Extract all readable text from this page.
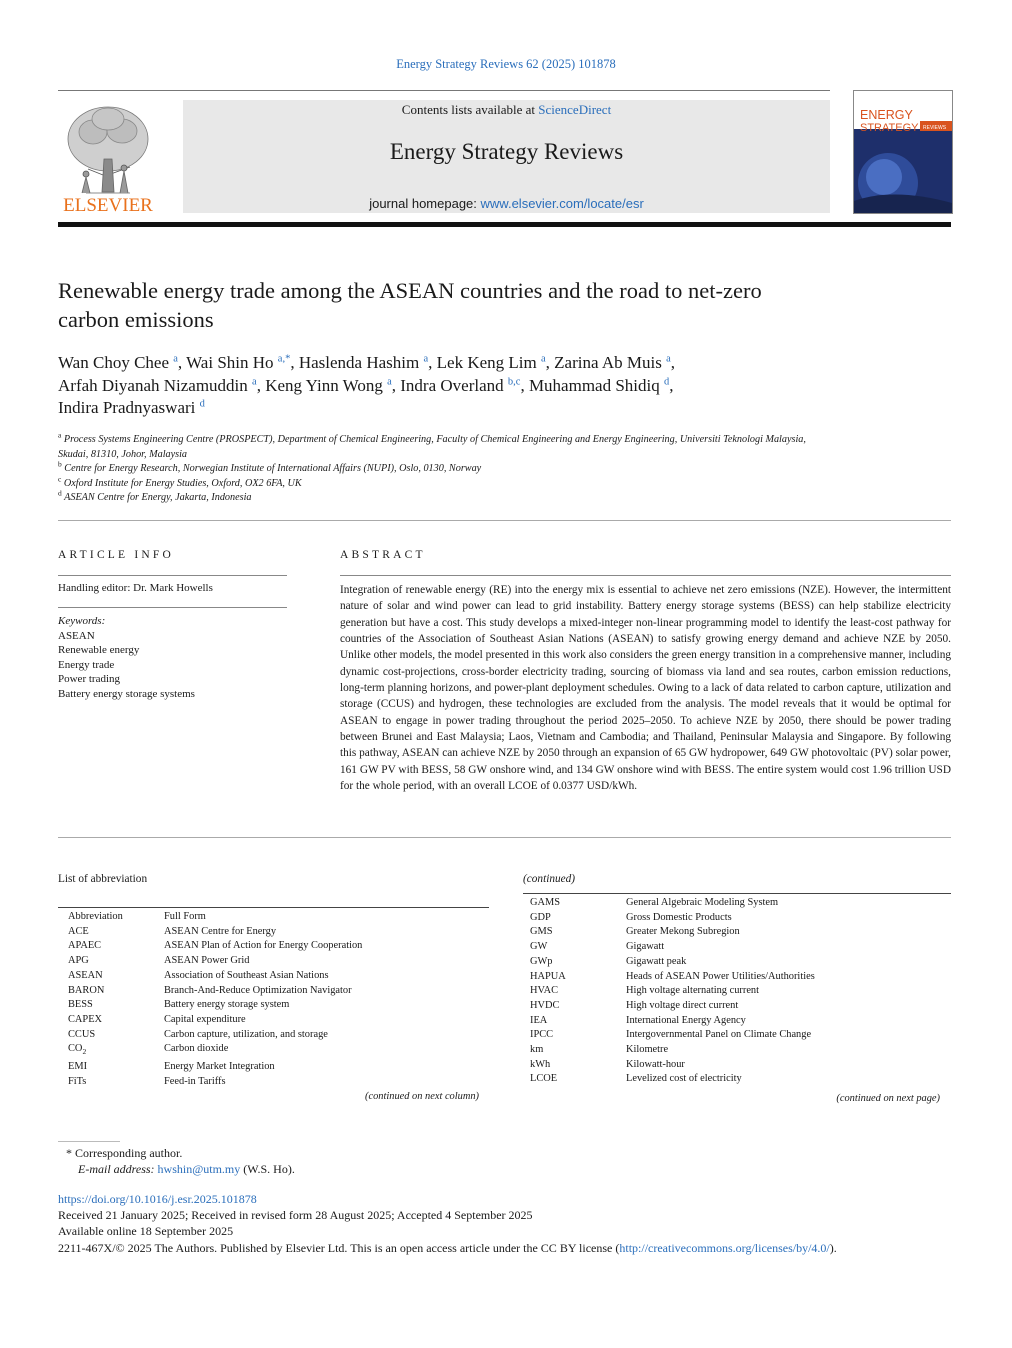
Energy Strategy Reviews 62 (2025) 101878
ELSEVIER
Contents lists available at ScienceDirect
Energy Strategy Reviews
journal homepage: www.elsevier.com/locate/esr
ENERGY
STRATEGY REVIEWS
Renewable energy trade among the ASEAN countries and the road to net-zero carbon emissions
Wan Choy Chee $^a$, Wai Shin Ho $^{a,*}$, Haslenda Hashim $^a$, Lek Keng Lim $^a$, Zarina Ab Muis $^a$,
Arfah Diyanah Nizamuddin $^a$, Keng Yinn Wong $^a$, Indra Overland $^{b,c}$, Muhammad Shidiq $^d$,
Indira Pradnyaswari $^d$
$^a$ Process Systems Engineering Centre (PROSPECT), Department of Chemical Engineering, Faculty of Chemical Engineering and Energy Engineering, Universiti Teknologi Malaysia, Skudai, 81310, Johor, Malaysia
$^b$ Centre for Energy Research, Norwegian Institute of International Affairs (NUPI), Oslo, 0130, Norway
$^c$ Oxford Institute for Energy Studies, Oxford, OX2 6FA, UK
$^d$ ASEAN Centre for Energy, Jakarta, Indonesia
ARTICLE INFO
Handling editor: Dr. Mark Howells
Keywords:
ASEAN
Renewable energy
Energy trade
Power trading
Battery energy storage systems
ABSTRACT
Integration of renewable energy (RE) into the energy mix is essential to achieve net zero emissions (NZE). However, the intermittent nature of solar and wind power can lead to grid instability. Battery energy storage systems (BESS) can help stabilize electricity generation but have a cost. This study develops a mixed-integer non-linear programming model to identify the least-cost pathway for countries of the Association of Southeast Asian Nations (ASEAN) to satisfy growing energy demand and achieve NZE by 2050. Unlike other models, the model presented in this work also considers the green energy transition in a comprehensive manner, including dynamic cost-projections, cross-border electricity trading, sourcing of biomass via land and sea routes, carbon emission reductions, long-term planning horizons, and power-plant deployment schedules. Owing to a lack of data related to carbon capture, utilization and storage (CCUS) and hydrogen, these technologies are excluded from the analysis. The model reveals that it would be optimal for ASEAN to engage in power trading throughout the period 2025–2050. To achieve NZE by 2050, there should be power trading between Brunei and East Malaysia; Laos, Vietnam and Cambodia; and Thailand, Peninsular Malaysia and Singapore. By following this pathway, ASEAN can achieve NZE by 2050 through an expansion of 65 GW hydropower, 649 GW photovoltaic (PV) solar power, 161 GW PV with BESS, 58 GW onshore wind, and 134 GW onshore wind with BESS. The entire system would cost 1.96 trillion USD for the whole period, with an overall LCOE of 0.0377 USD/kWh.
List of abbreviation
Abbreviation	Full Form
ACE	ASEAN Centre for Energy
APAEC	ASEAN Plan of Action for Energy Cooperation
APG	ASEAN Power Grid
ASEAN	Association of Southeast Asian Nations
BARON	Branch-And-Reduce Optimization Navigator
BESS	Battery energy storage system
CAPEX	Capital expenditure
CCUS	Carbon capture, utilization, and storage
$CO_2$	Carbon dioxide
EMI	Energy Market Integration
FiTs	Feed-in Tariffs
(continued on next column)
(continued)
GAMS	General Algebraic Modeling System
GDP	Gross Domestic Products
GMS	Greater Mekong Subregion
GW	Gigawatt
GWp	Gigawatt peak
HAPUA	Heads of ASEAN Power Utilities/Authorities
HVAC	High voltage alternating current
HVDC	High voltage direct current
IEA	International Energy Agency
IPCC	Intergovernmental Panel on Climate Change
km	Kilometre
kWh	Kilowatt-hour
LCOE	Levelized cost of electricity
(continued on next page)
* Corresponding author.
E-mail address: hwshin@utm.my (W.S. Ho).
https://doi.org/10.1016/j.esr.2025.101878
Received 21 January 2025; Received in revised form 28 August 2025; Accepted 4 September 2025
Available online 18 September 2025
2211-467X/© 2025 The Authors. Published by Elsevier Ltd. This is an open access article under the CC BY license (http://creativecommons.org/licenses/by/4.0/).
